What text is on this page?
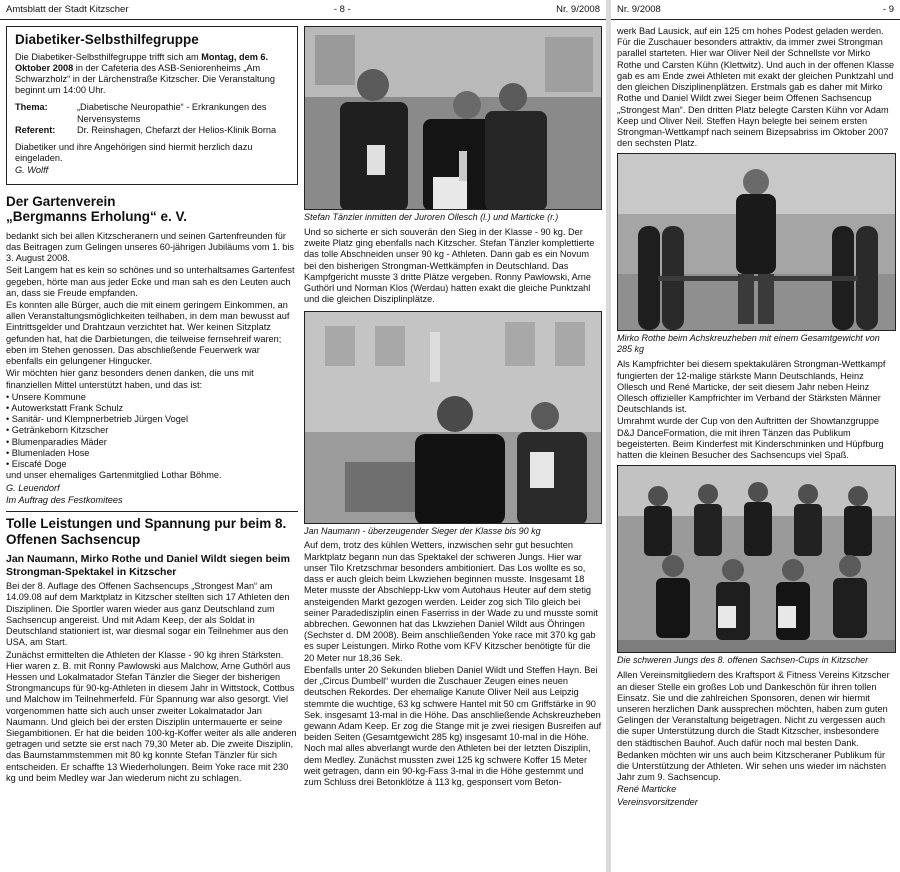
Amtsblatt der Stadt Kitzscher	- 8 -	Nr. 9/2008
Diabetiker-Selbsthilfegruppe

Die Diabetiker-Selbsthilfegruppe trifft sich am Montag, dem 6. Oktober 2008 in der Cafeteria des ASB-Seniorenheims „Am Schwarzholz“ in der Lärchenstraße Kitzscher. Die Veranstaltung beginnt um 14:00 Uhr.

Thema:	„Diabetische Neuropathie“ - Erkrankungen des Nervensystems
Referent:	Dr. Reinshagen, Chefarzt der Helios-Klinik Borna

Diabetiker und ihre Angehörigen sind hiermit herzlich dazu eingeladen.

G. Wolff

Der Gartenverein
„Bergmanns Erholung“ e. V.

bedankt sich bei allen Kitzscheranern und seinen Gartenfreunden für das Beitragen zum Gelingen unseres 60-jährigen Jubiläums vom 1. bis 3. August 2008.

Seit Langem hat es kein so schönes und so unterhaltsames Gartenfest gegeben, hörte man aus jeder Ecke und man sah es den Leuten auch an, dass sie Freude empfanden.

Es konnten alle Bürger, auch die mit einem geringem Einkommen, an allen Veranstaltungsmöglichkeiten teilhaben, in dem man bewusst auf Eintrittsgelder und Drahtzaun verzichtet hat. Wer keinen Sitzplatz gefunden hat, hat die Darbietungen, die teilweise fernsehreif waren; eben im Stehen genossen. Das abschließende Feuerwerk war ebenfalls ein gelungener Hingucker.

Wir möchten hier ganz besonders denen danken, die uns mit finanziellen Mittel unterstützt haben, und das ist:

• Unsere Kommune
• Autowerkstatt Frank Schulz
• Sanitär- und Klempnerbetrieb Jürgen Vogel
• Getränkeborn Kitzscher
• Blumenparadies Mäder
• Blumenladen Hose
• Eiscafé Doge

und unser ehemaliges Gartenmitglied Lothar Böhme.

G. Leuendorf

Im Auftrag des Festkomitees

Tolle Leistungen und Spannung pur beim 8. Offenen Sachsencup
Jan Naumann, Mirko Rothe und Daniel Wildt siegen beim Strongman-Spektakel in Kitzscher

Bei der 8. Auflage des Offenen Sachsencups „Strongest Man“ am 14.09.08 auf dem Marktplatz in Kitzscher stellten sich 17 Athleten den Disziplinen. Die Sportler waren wieder aus ganz Deutschland zum Sachsencup angereist. Und mit Adam Keep, der als Soldat in Deutschland stationiert ist, war diesmal sogar ein Teilnehmer aus den USA, am Start.

Zunächst ermittelten die Athleten der Klasse - 90 kg ihren Stärksten. Hier waren z. B. mit Ronny Pawlowski aus Malchow, Arne Guthörl aus Hessen und Lokalmatador Stefan Tänzler die Sieger der bisherigen Strongmancups für 90-kg-Athleten in diesem Jahr in Wittstock, Cottbus und Malchow im Teilnehmerfeld. Für Spannung war also gesorgt. Viel vorgenommen hatte sich auch unser zweiter Lokalmatador Jan Naumann. Und gleich bei der ersten Disziplin untermauerte er seine Siegambitionen. Er hat die beiden 100-kg-Koffer weiter als alle anderen getragen und setzte sie erst nach 79,30 Meter ab. Die zweite Disziplin, das Baumstammstemmen mit 80 kg konnte Stefan Tänzler für sich entscheiden. Er schaffte 13 Wiederholungen. Beim Yoke race mit 230 kg und beim Medley war Jan wiederum nicht zu schlagen.

Stefan Tänzler inmitten der Juroren Ollesch (l.) und Marticke (r.)

Und so sicherte er sich souverän den Sieg in der Klasse - 90 kg. Der zweite Platz ging ebenfalls nach Kitzscher. Stefan Tänzler komplettierte das tolle Abschneiden unser 90 kg - Athleten. Dann gab es ein Novum bei den bisherigen Strongman-Wettkämpfen in Deutschland. Das Kampfgericht musste 3 dritte Plätze vergeben. Ronny Pawlowski, Arne Guthörl und Norman Klos (Werdau) hatten exakt die gleiche Punktzahl und die gleichen Disziplinplätze.

Jan Naumann - überzeugender Sieger der Klasse bis 90 kg

Auf dem, trotz des kühlen Wetters, inzwischen sehr gut besuchten Marktplatz begann nun das Spektakel der schweren Jungs. Hier war unser Tilo Kretzschmar besonders ambitioniert. Das Los wollte es so, dass er auch gleich beim Lkwziehen beginnen musste. Insgesamt 18 Meter musste der Abschlepp-Lkw vom Autohaus Heuter auf dem stetig ansteigenden Markt gezogen werden. Leider zog sich Tilo gleich bei seiner Paradedisziplin einen Faserriss in der Wade zu und musste somit abbrechen. Gewonnen hat das Lkwziehen Daniel Wildt aus Öhringen (Sechster d. DM 2008). Beim anschließenden Yoke race mit 370 kg gab es super Leistungen. Mirko Rothe vom KFV Kitzscher benötigte für die 20 Meter nur 18,36 Sek.

Ebenfalls unter 20 Sekunden blieben Daniel Wildt und Steffen Hayn. Bei der „Circus Dumbell“ wurden die Zuschauer Zeugen eines neuen deutschen Rekordes. Der ehemalige Kanute Oliver Neil aus Leipzig stemmte die wuchtige, 63 kg schwere Hantel mit 50 cm Griffstärke in 90 Sek. insgesamt 13-mal in die Höhe. Das anschließende Achskreuzheben gewann Adam Keep. Er zog die Stange mit je zwei riesigen Busreifen auf beiden Seiten (Gesamtgewicht 285 kg) insgesamt 10-mal in die Höhe. Noch mal alles abverlangt wurde den Athleten bei der letzten Disziplin, dem Medley. Zunächst mussten zwei 125 kg schwere Koffer 15 Meter weit getragen, dann ein 90-kg-Fass 3-mal in die Höhe gestemmt und zum Schluss drei Betonklötze à 113 kg, gesponsert vom Beton-

Nr. 9/2008	- 9

werk Bad Lausick, auf ein 125 cm hohes Podest geladen werden. Für die Zuschauer besonders attraktiv, da immer zwei Strongman parallel starteten. Hier war Oliver Neil der Schnellste vor Mirko Rothe und Carsten Kühn (Klettwitz). Und auch in der offenen Klasse gab es am Ende zwei Athleten mit exakt der gleichen Punktzahl und den gleichen Disziplinenplätzen. Erstmals gab es daher mit Mirko Rothe und Daniel Wildt zwei Sieger beim Offenen Sachsencup „Strongest Man“. Den dritten Platz belegte Carsten Kühn vor Adam Keep und Oliver Neil. Steffen Hayn belegte bei seinem ersten Strongman-Wettkampf nach seinem Bizepsabriss im Oktober 2007 den sechsten Platz.

Mirko Rothe beim Achskreuzheben mit einem Gesamtgewicht von 285 kg

Als Kampfrichter bei diesem spektakulären Strongman-Wettkampf fungierten der 12-malige stärkste Mann Deutschlands, Heinz Ollesch und René Marticke, der seit diesem Jahr neben Heinz Ollesch offizieller Kampfrichter im Verband der Stärksten Männer Deutschlands ist.

Umrahmt wurde der Cup von den Auftritten der Showtanzgruppe D&J DanceFormation, die mit ihren Tänzen das Publikum begeisterten. Beim Kinderfest mit Kinderschminken und Hüpfburg hatten die kleinen Besucher des Sachsencups viel Spaß.

Die schweren Jungs des 8. offenen Sachsen-Cups in Kitzscher

Allen Vereinsmitgliedern des Kraftsport & Fitness Vereins Kitzscher an dieser Stelle ein großes Lob und Dankeschön für ihren tollen Einsatz. Sie und die zahlreichen Sponsoren, denen wir hiermit unseren herzlichen Dank aussprechen möchten, haben zum guten Gelingen der Veranstaltung beigetragen. Nicht zu vergessen auch die super Unterstützung durch die Stadt Kitzscher, insbesondere den städtischen Bauhof. Auch dafür noch mal besten Dank.

Bedanken möchten wir uns auch beim Kitzscheraner Publikum für die Unterstützung der Athleten. Wir sehen uns wieder im nächsten Jahr zum 9. Sachsencup.

René Marticke

Vereinsvorsitzender
